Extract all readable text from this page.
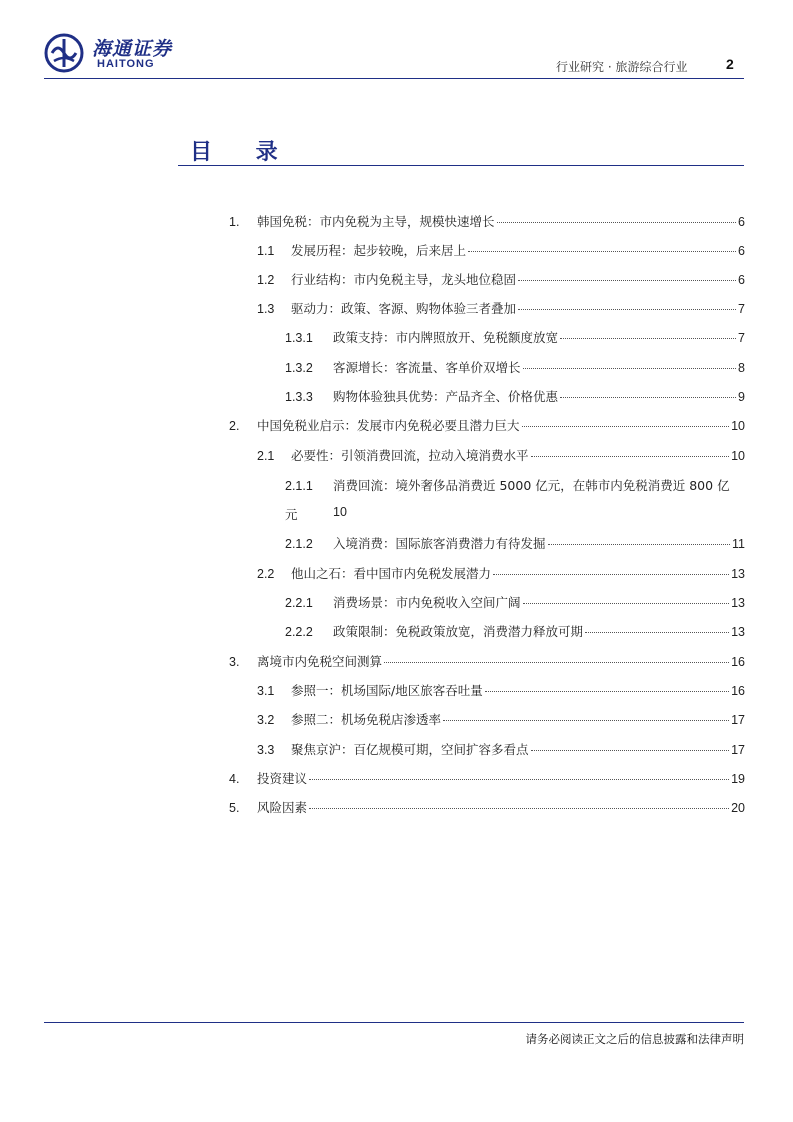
海通证券
HAITONG	行业研究 · 旅游综合行业	2
目 录
1.	韩国免税：市内免税为主导，规模快速增长	6
1.1	发展历程：起步较晚，后来居上	6
1.2	行业结构：市内免税主导，龙头地位稳固	6
1.3	驱动力：政策、客源、购物体验三者叠加	7
1.3.1	政策支持：市内牌照放开、免税额度放宽	7
1.3.2	客源增长：客流量、客单价双增长	8
1.3.3	购物体验独具优势：产品齐全、价格优惠	9
2.	中国免税业启示：发展市内免税必要且潜力巨大	10
2.1	必要性：引领消费回流，拉动入境消费水平	10
2.1.1	消费回流：境外奢侈品消费近 5000 亿元，在韩市内免税消费近 800 亿
元	10
2.1.2	入境消费：国际旅客消费潜力有待发掘	11
2.2	他山之石：看中国市内免税发展潜力	13
2.2.1	消费场景：市内免税收入空间广阔	13
2.2.2	政策限制：免税政策放宽，消费潜力释放可期	13
3.	离境市内免税空间测算	16
3.1	参照一：机场国际/地区旅客吞吐量	16
3.2	参照二：机场免税店渗透率	17
3.3	聚焦京沪：百亿规模可期，空间扩容多看点	17
4.	投资建议	19
5.	风险因素	20
请务必阅读正文之后的信息披露和法律声明
